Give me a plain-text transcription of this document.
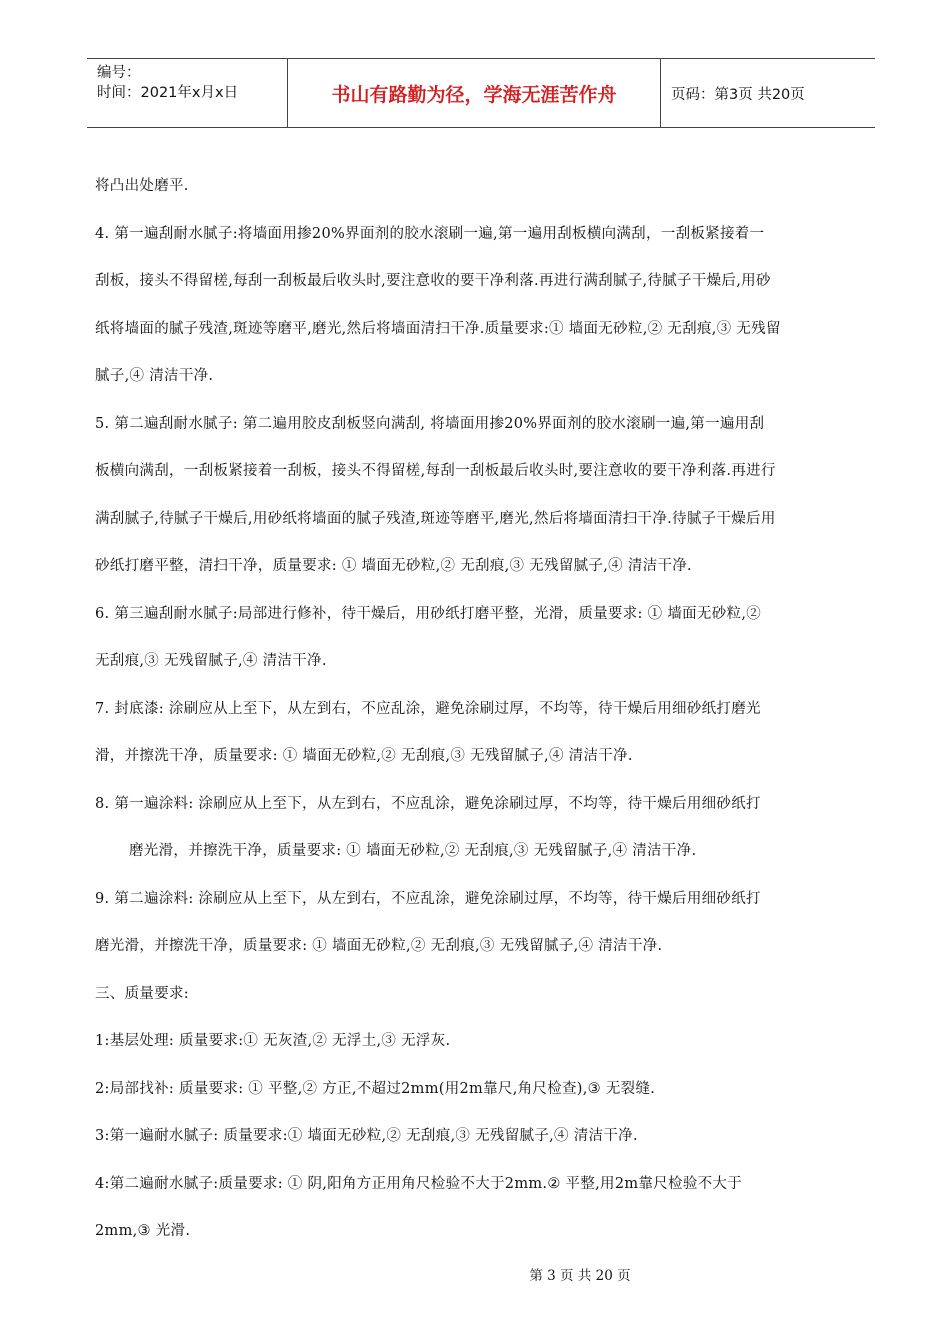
编号：
时间：2021年x月x日	书山有路勤为径，学海无涯苦作舟	页码：第3页 共20页
将凸出处磨平.
4. 第一遍刮耐水腻子:将墙面用掺20%界面剂的胶水滚刷一遍,第一遍用刮板横向满刮，一刮板紧接着一
刮板，接头不得留槎,每刮一刮板最后收头时,要注意收的要干净利落.再进行满刮腻子,待腻子干燥后,用砂
纸将墙面的腻子残渣,斑迹等磨平,磨光,然后将墙面清扫干净.质量要求:① 墙面无砂粒,② 无刮痕,③ 无残留
腻子,④ 清洁干净.
5. 第二遍刮耐水腻子: 第二遍用胶皮刮板竖向满刮, 将墙面用掺20%界面剂的胶水滚刷一遍,第一遍用刮
板横向满刮，一刮板紧接着一刮板，接头不得留槎,每刮一刮板最后收头时,要注意收的要干净利落.再进行
满刮腻子,待腻子干燥后,用砂纸将墙面的腻子残渣,斑迹等磨平,磨光,然后将墙面清扫干净.待腻子干燥后用
砂纸打磨平整，清扫干净，质量要求: ① 墙面无砂粒,② 无刮痕,③ 无残留腻子,④ 清洁干净.
6. 第三遍刮耐水腻子:局部进行修补，待干燥后，用砂纸打磨平整，光滑，质量要求: ① 墙面无砂粒,②
无刮痕,③ 无残留腻子,④ 清洁干净.
7. 封底漆: 涂刷应从上至下，从左到右，不应乱涂，避免涂刷过厚，不均等，待干燥后用细砂纸打磨光
滑，并擦洗干净，质量要求: ① 墙面无砂粒,② 无刮痕,③ 无残留腻子,④ 清洁干净.
8. 第一遍涂料: 涂刷应从上至下，从左到右，不应乱涂，避免涂刷过厚，不均等，待干燥后用细砂纸打
磨光滑，并擦洗干净，质量要求: ① 墙面无砂粒,② 无刮痕,③ 无残留腻子,④ 清洁干净.
9. 第二遍涂料: 涂刷应从上至下，从左到右，不应乱涂，避免涂刷过厚，不均等，待干燥后用细砂纸打
磨光滑，并擦洗干净，质量要求: ① 墙面无砂粒,② 无刮痕,③ 无残留腻子,④ 清洁干净.
三、质量要求:
1:基层处理: 质量要求:① 无灰渣,② 无浮土,③ 无浮灰.
2:局部找补: 质量要求: ① 平整,② 方正,不超过2mm(用2m靠尺,角尺检查),③ 无裂缝.
3:第一遍耐水腻子: 质量要求:① 墙面无砂粒,② 无刮痕,③ 无残留腻子,④ 清洁干净.
4:第二遍耐水腻子:质量要求: ① 阴,阳角方正用角尺检验不大于2mm.② 平整,用2m靠尺检验不大于
2mm,③ 光滑.
第 3 页 共 20 页
